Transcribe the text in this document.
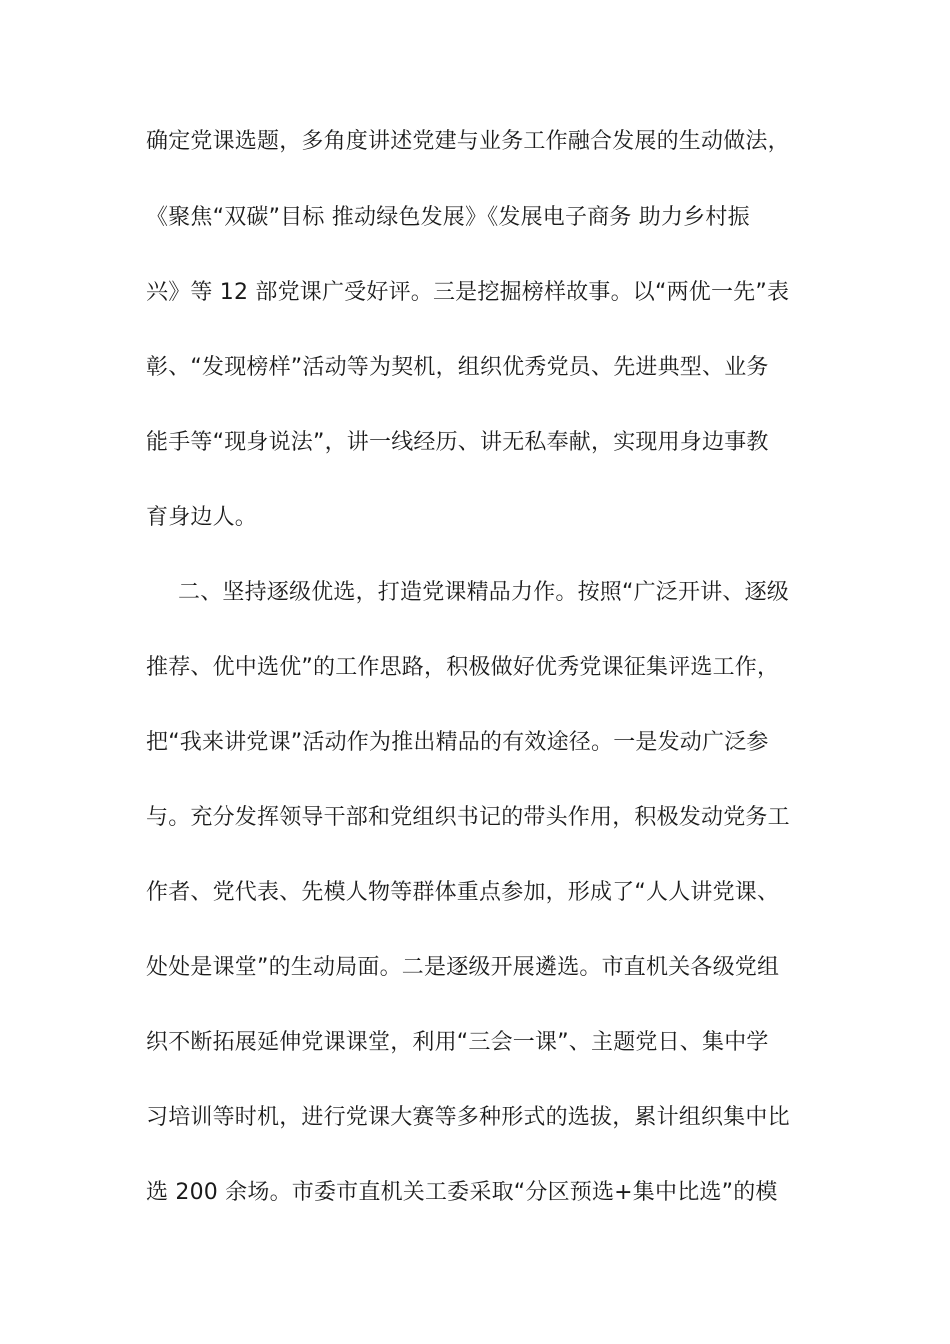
确定党课选题，多角度讲述党建与业务工作融合发展的生动做法，
《聚焦“双碳”目标 推动绿色发展》《发展电子商务 助力乡村振
兴》等 12 部党课广受好评。三是挖掘榜样故事。以“两优一先”表
彰、“发现榜样”活动等为契机，组织优秀党员、先进典型、业务
能手等“现身说法”，讲一线经历、讲无私奉献，实现用身边事教
育身边人。
二、坚持逐级优选，打造党课精品力作。按照“广泛开讲、逐级
推荐、优中选优”的工作思路，积极做好优秀党课征集评选工作，
把“我来讲党课”活动作为推出精品的有效途径。一是发动广泛参
与。充分发挥领导干部和党组织书记的带头作用，积极发动党务工
作者、党代表、先模人物等群体重点参加，形成了“人人讲党课、
处处是课堂”的生动局面。二是逐级开展遴选。市直机关各级党组
织不断拓展延伸党课课堂，利用“三会一课”、主题党日、集中学
习培训等时机，进行党课大赛等多种形式的选拔，累计组织集中比
选 200 余场。市委市直机关工委采取“分区预选+集中比选”的模
